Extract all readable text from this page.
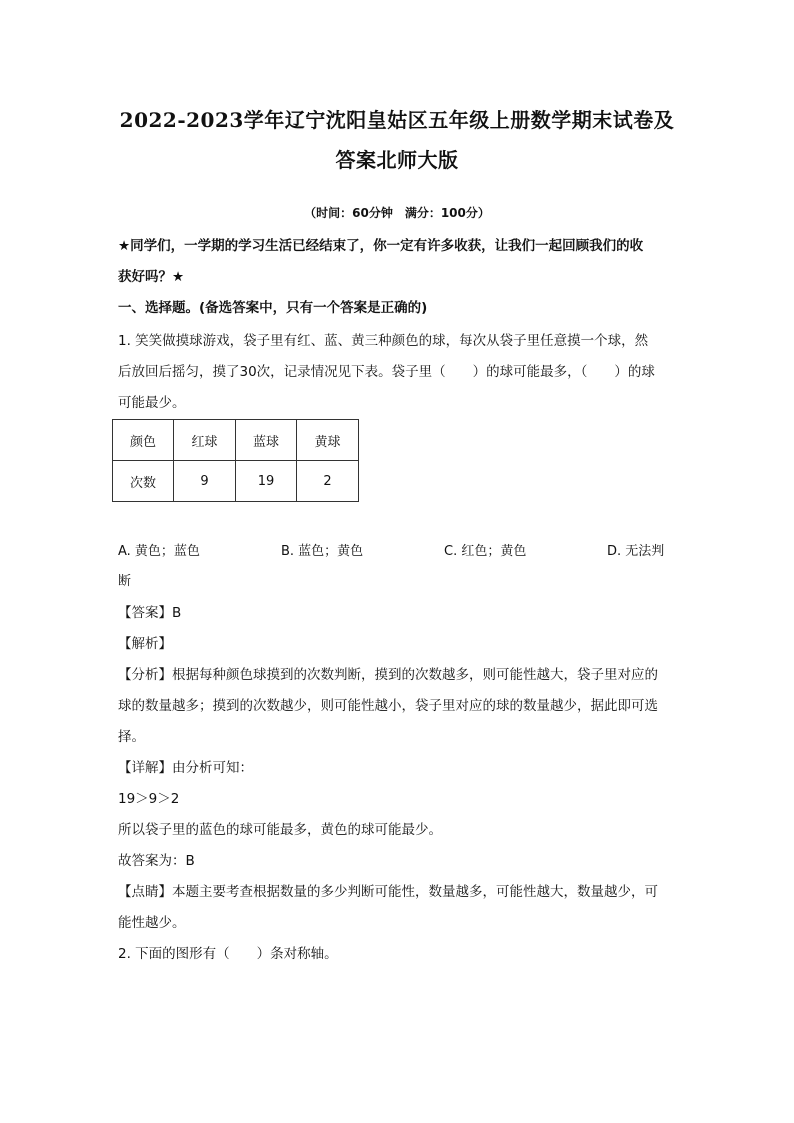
2022-2023学年辽宁沈阳皇姑区五年级上册数学期末试卷及
答案北师大版
（时间：60分钟　满分：100分）
★同学们，一学期的学习生活已经结束了，你一定有许多收获，让我们一起回顾我们的收
获好吗？★
一、选择题。(备选答案中，只有一个答案是正确的)
1. 笑笑做摸球游戏，袋子里有红、蓝、黄三种颜色的球，每次从袋子里任意摸一个球，然
后放回后摇匀，摸了30次，记录情况见下表。袋子里（　　）的球可能最多，（　　）的球
可能最少。
颜色	红球	蓝球	黄球
次数	9	19	2
A. 黄色；蓝色	B. 蓝色；黄色	C. 红色；黄色	D. 无法判
断
【答案】B
【解析】
【分析】根据每种颜色球摸到的次数判断，摸到的次数越多，则可能性越大，袋子里对应的
球的数量越多；摸到的次数越少，则可能性越小，袋子里对应的球的数量越少，据此即可选
择。
【详解】由分析可知：
19＞9＞2
所以袋子里的蓝色的球可能最多，黄色的球可能最少。
故答案为：B
【点睛】本题主要考查根据数量的多少判断可能性，数量越多，可能性越大，数量越少，可
能性越少。
2. 下面的图形有（　　）条对称轴。
